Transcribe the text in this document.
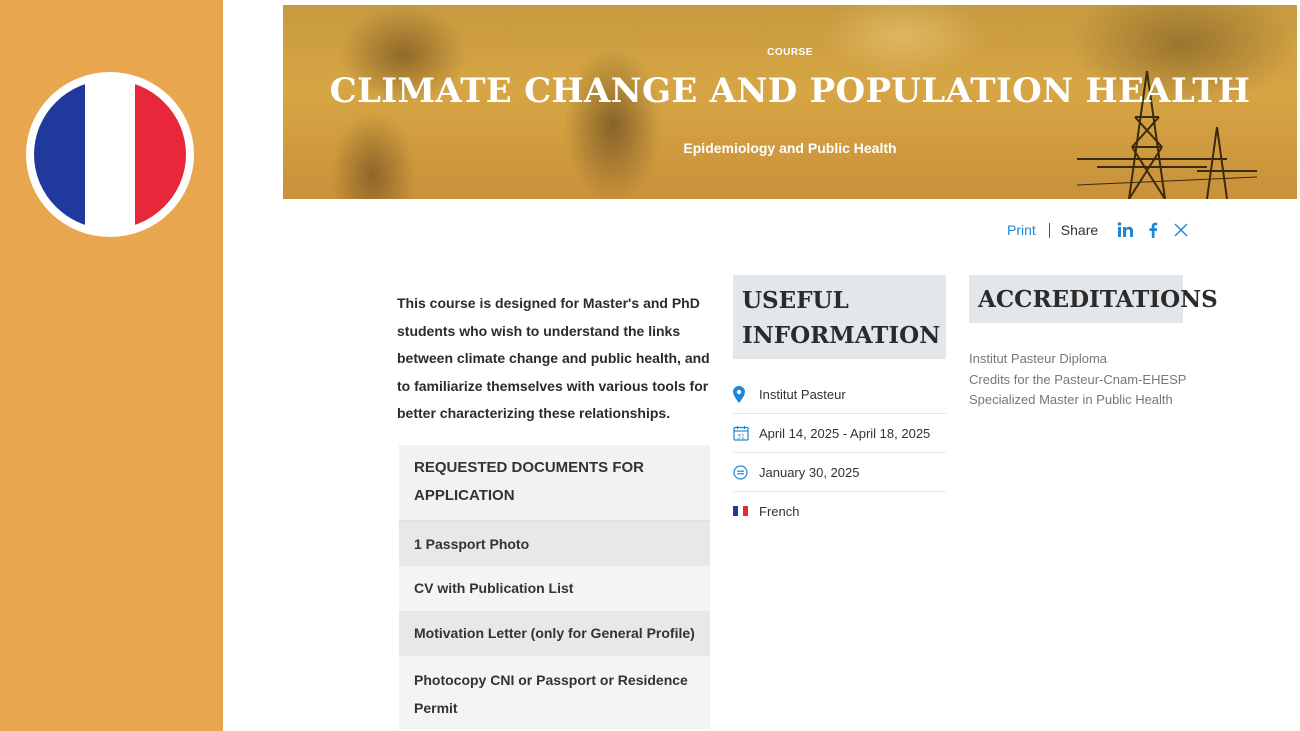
COURSE
CLIMATE CHANGE AND POPULATION HEALTH
Epidemiology and Public Health
Print Share
This course is designed for Master's and PhD students who wish to understand the links between climate change and public health, and to familiarize themselves with various tools for better characterizing these relationships.
REQUESTED DOCUMENTS FOR APPLICATION
1 Passport Photo
CV with Publication List
Motivation Letter (only for General Profile)
Photocopy CNI or Passport or Residence Permit
USEFUL INFORMATION
Institut Pasteur
31 April 14, 2025 - April 18, 2025
January 30, 2025
French
ACCREDITATIONS
Institut Pasteur Diploma
Credits for the Pasteur-Cnam-EHESP
Specialized Master in Public Health
